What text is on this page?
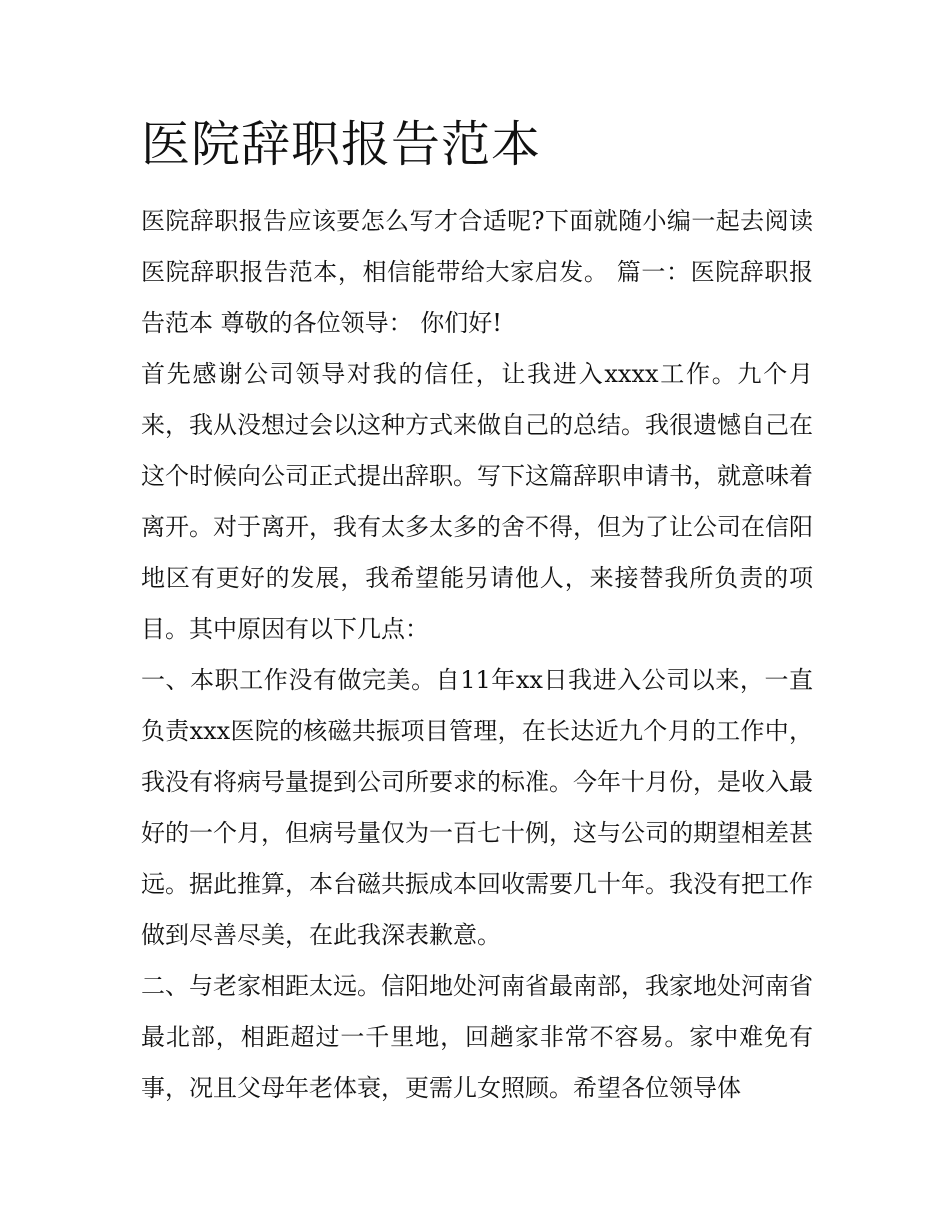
医院辞职报告范本

医院辞职报告应该要怎么写才合适呢?下面就随小编一起去阅读医院辞职报告范本，相信能带给大家启发。 篇一：医院辞职报告范本 尊敬的各位领导： 你们好!

首先感谢公司领导对我的信任，让我进入xxxx工作。九个月来，我从没想过会以这种方式来做自己的总结。我很遗憾自己在这个时候向公司正式提出辞职。写下这篇辞职申请书，就意味着离开。对于离开，我有太多太多的舍不得，但为了让公司在信阳地区有更好的发展，我希望能另请他人，来接替我所负责的项目。其中原因有以下几点：

一、本职工作没有做完美。自11年xx日我进入公司以来，一直负责xxx医院的核磁共振项目管理，在长达近九个月的工作中，我没有将病号量提到公司所要求的标准。今年十月份，是收入最好的一个月，但病号量仅为一百七十例，这与公司的期望相差甚远。据此推算，本台磁共振成本回收需要几十年。我没有把工作做到尽善尽美，在此我深表歉意。

二、与老家相距太远。信阳地处河南省最南部，我家地处河南省最北部，相距超过一千里地，回趟家非常不容易。家中难免有事，况且父母年老体衰，更需儿女照顾。希望各位领导体
